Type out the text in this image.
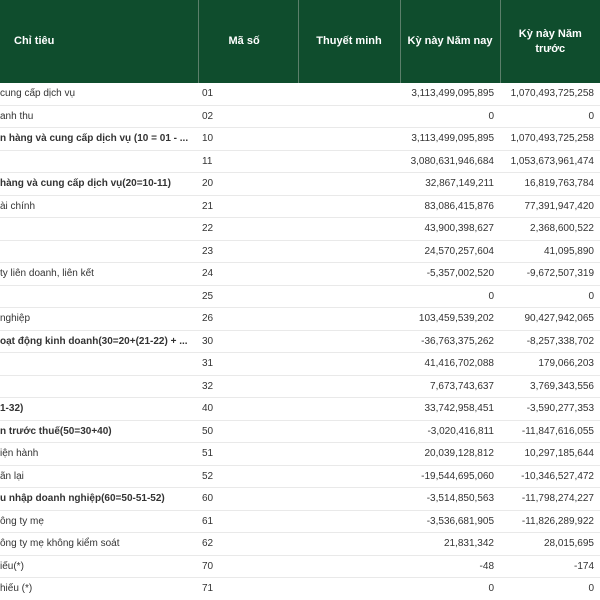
Chỉ tiêu	Mã số	Thuyết minh	Kỳ này Năm nay	Kỳ này Năm trước
cung cấp dịch vụ	01		3,113,499,095,895	1,070,493,725,258
anh thu	02		0	0
n hàng và cung cấp dịch vụ (10 = 01 - ...	10		3,113,499,095,895	1,070,493,725,258
	11		3,080,631,946,684	1,053,673,961,474
hàng và cung cấp dịch vụ(20=10-11)	20		32,867,149,211	16,819,763,784
ài chính	21		83,086,415,876	77,391,947,420
	22		43,900,398,627	2,368,600,522
	23		24,570,257,604	41,095,890
ty liên doanh, liên kết	24		-5,357,002,520	-9,672,507,319
	25		0	0
nghiệp	26		103,459,539,202	90,427,942,065
oạt động kinh doanh(30=20+(21-22) + ...	30		-36,763,375,262	-8,257,338,702
	31		41,416,702,088	179,066,203
	32		7,673,743,637	3,769,343,556
1-32)	40		33,742,958,451	-3,590,277,353
n trước thuế(50=30+40)	50		-3,020,416,811	-11,847,616,055
iện hành	51		20,039,128,812	10,297,185,644
ãn lại	52		-19,544,695,060	-10,346,527,472
u nhập doanh nghiệp(60=50-51-52)	60		-3,514,850,563	-11,798,274,227
ông ty mẹ	61		-3,536,681,905	-11,826,289,922
ông ty mẹ không kiểm soát	62		21,831,342	28,015,695
iếu(*)	70		-48	-174
hiếu (*)	71		0	0
